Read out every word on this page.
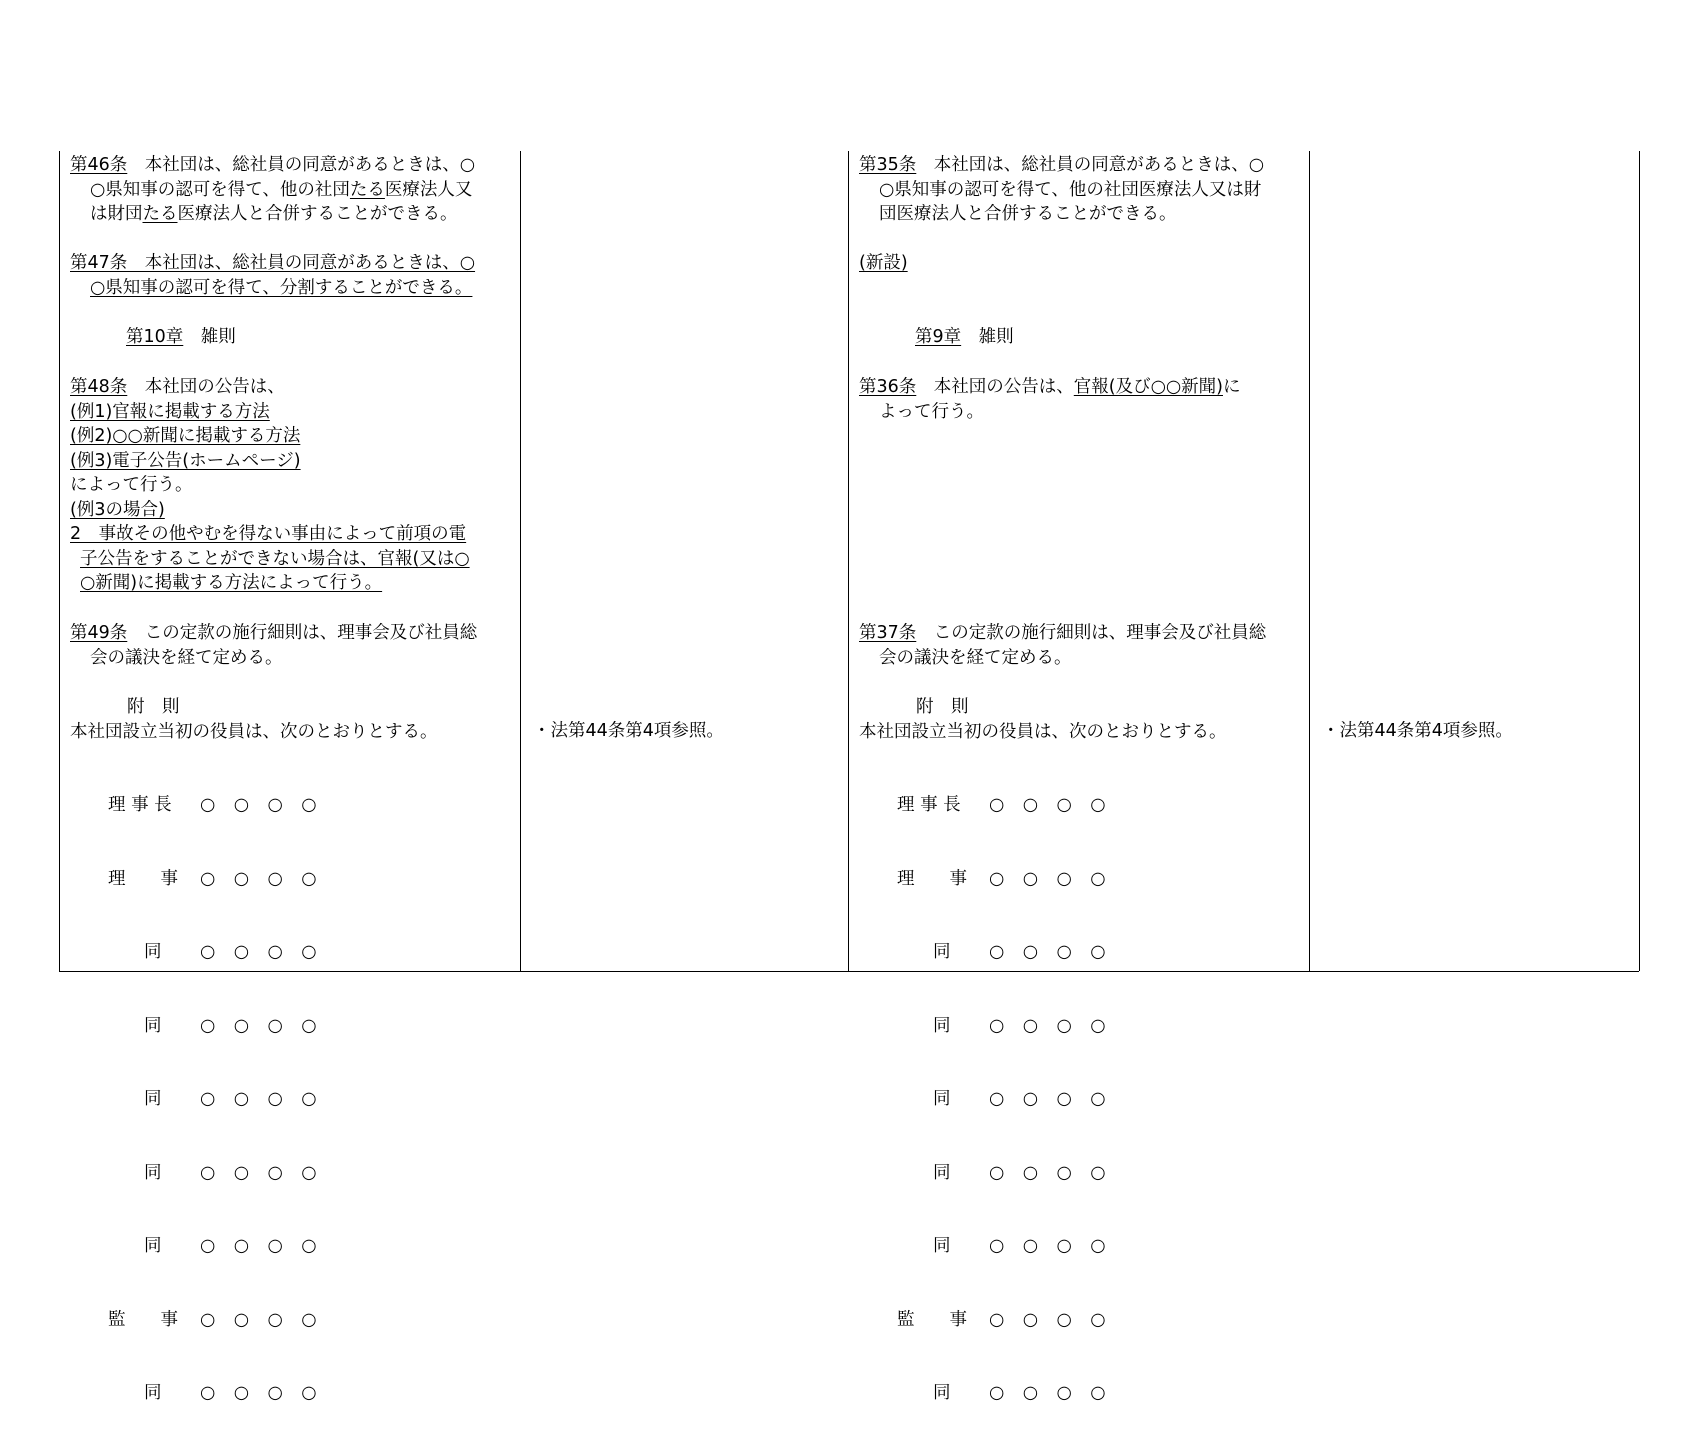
第46条　本社団は、総社員の同意があるときは、○
○県知事の認可を得て、他の社団たる医療法人又
は財団たる医療法人と合併することができる。
第47条　本社団は、総社員の同意があるときは、○
○県知事の認可を得て、分割することができる。
第10章　雑則
第48条　本社団の公告は、
(例1)官報に掲載する方法
(例2)○○新聞に掲載する方法
(例3)電子公告(ホームページ)
によって行う。
(例3の場合)
2　事故その他やむを得ない事由によって前項の電
子公告をすることができない場合は、官報(又は○
○新聞)に掲載する方法によって行う。
第49条　この定款の施行細則は、理事会及び社員総
会の議決を経て定める。
附　則
本社団設立当初の役員は、次のとおりとする。

理 事 長 ○　○　○　○

理　　事 ○　○　○　○

同 ○　○　○　○

同 ○　○　○　○

同 ○　○　○　○

同 ○　○　○　○

同 ○　○　○　○

監　　事 ○　○　○　○

同 ○　○　○　○

・法第44条第4項参照。
第35条　本社団は、総社員の同意があるときは、○
○県知事の認可を得て、他の社団医療法人又は財
団医療法人と合併することができる。
(新設)
第9章　雑則
第36条　本社団の公告は、官報(及び○○新聞)に
よって行う。
第37条　この定款の施行細則は、理事会及び社員総
会の議決を経て定める。
附　則
本社団設立当初の役員は、次のとおりとする。

理 事 長 ○　○　○　○

理　　事 ○　○　○　○

同 ○　○　○　○

同 ○　○　○　○

同 ○　○　○　○

同 ○　○　○　○

同 ○　○　○　○

監　　事 ○　○　○　○

同 ○　○　○　○

・法第44条第4項参照。
